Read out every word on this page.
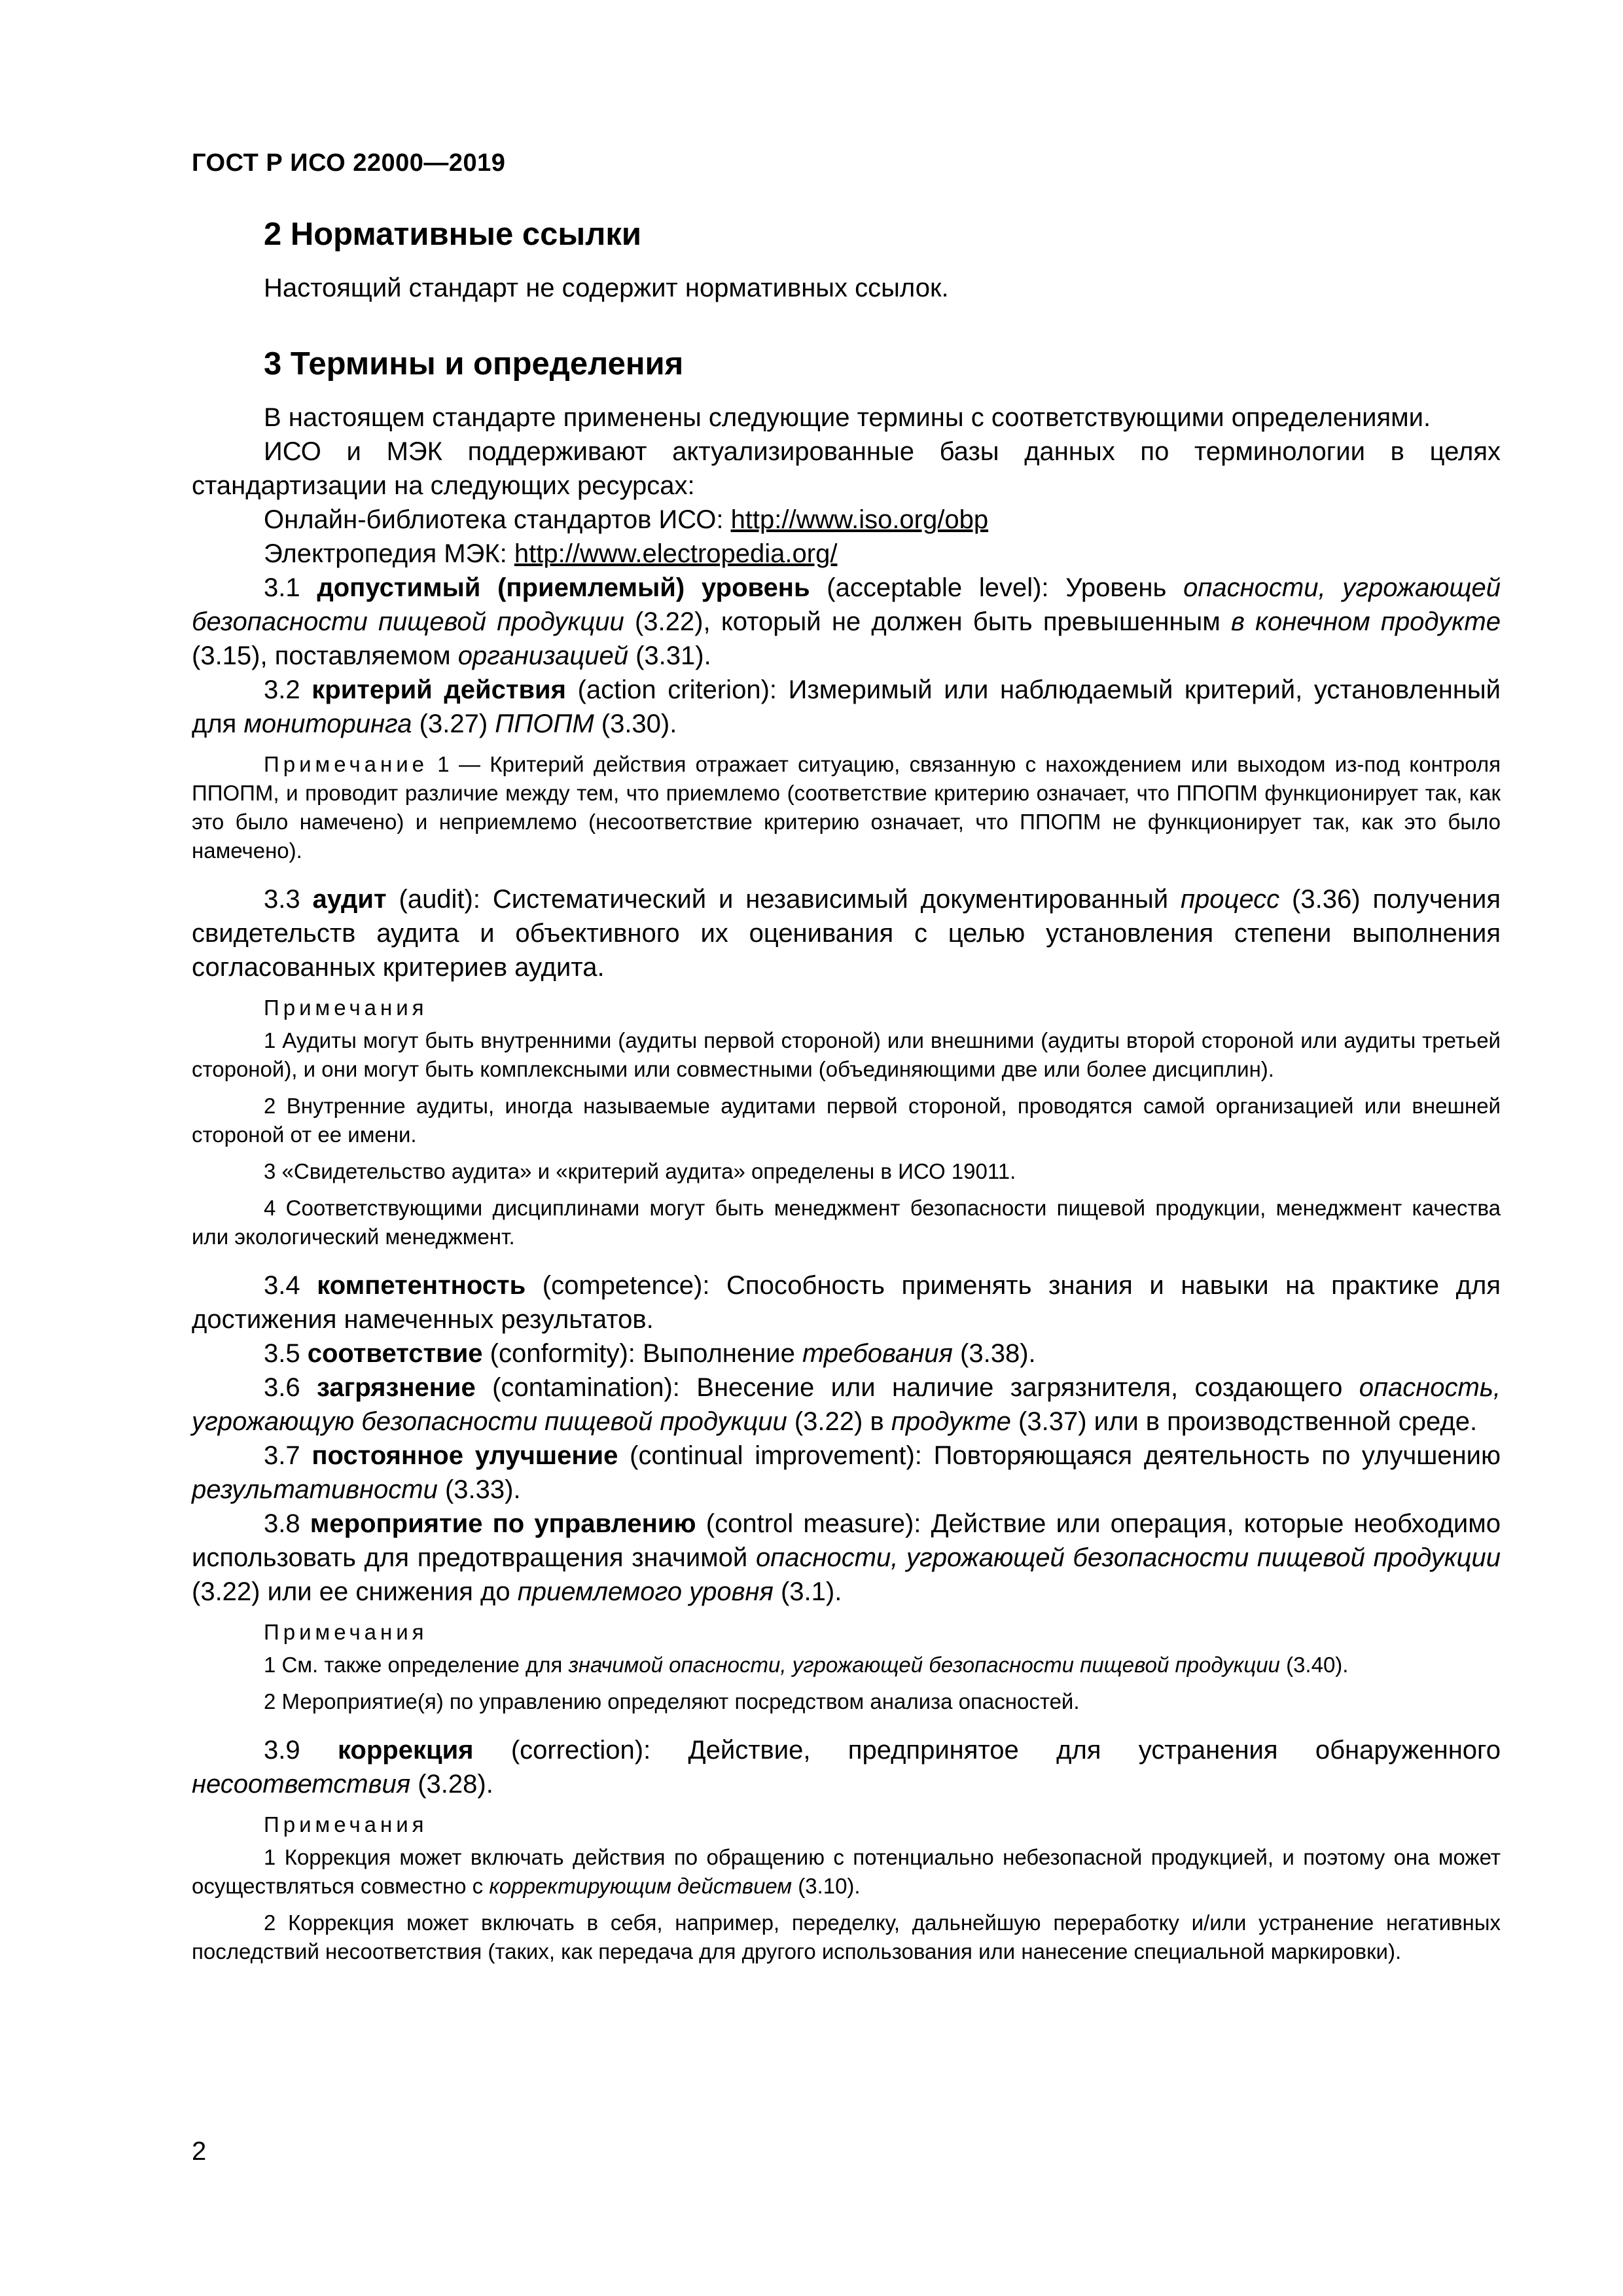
ГОСТ Р ИСО 22000—2019

2 Нормативные ссылки

Настоящий стандарт не содержит нормативных ссылок.

3 Термины и определения

В настоящем стандарте применены следующие термины с соответствующими определениями.

ИСО и МЭК поддерживают актуализированные базы данных по терминологии в целях стандартизации на следующих ресурсах:

Онлайн-библиотека стандартов ИСО: http://www.iso.org/obp

Электропедия МЭК: http://www.electropedia.org/

3.1 допустимый (приемлемый) уровень (acceptable level): Уровень опасности, угрожающей безопасности пищевой продукции (3.22), который не должен быть превышенным в конечном продукте (3.15), поставляемом организацией (3.31).

3.2 критерий действия (action criterion): Измеримый или наблюдаемый критерий, установленный для мониторинга (3.27) ППОПМ (3.30).

Примечание 1 — Критерий действия отражает ситуацию, связанную с нахождением или выходом из-под контроля ППОПМ, и проводит различие между тем, что приемлемо (соответствие критерию означает, что ППОПМ функционирует так, как это было намечено) и неприемлемо (несоответствие критерию означает, что ППОПМ не функционирует так, как это было намечено).

3.3 аудит (audit): Систематический и независимый документированный процесс (3.36) получения свидетельств аудита и объективного их оценивания с целью установления степени выполнения согласованных критериев аудита.

Примечания

1 Аудиты могут быть внутренними (аудиты первой стороной) или внешними (аудиты второй стороной или аудиты третьей стороной), и они могут быть комплексными или совместными (объединяющими две или более дисциплин).

2 Внутренние аудиты, иногда называемые аудитами первой стороной, проводятся самой организацией или внешней стороной от ее имени.

3 «Свидетельство аудита» и «критерий аудита» определены в ИСО 19011.

4 Соответствующими дисциплинами могут быть менеджмент безопасности пищевой продукции, менеджмент качества или экологический менеджмент.

3.4 компетентность (competence): Способность применять знания и навыки на практике для достижения намеченных результатов.

3.5 соответствие (conformity): Выполнение требования (3.38).

3.6 загрязнение (contamination): Внесение или наличие загрязнителя, создающего опасность, угрожающую безопасности пищевой продукции (3.22) в продукте (3.37) или в производственной среде.

3.7 постоянное улучшение (continual improvement): Повторяющаяся деятельность по улучшению результативности (3.33).

3.8 мероприятие по управлению (control measure): Действие или операция, которые необходимо использовать для предотвращения значимой опасности, угрожающей безопасности пищевой продукции (3.22) или ее снижения до приемлемого уровня (3.1).

Примечания

1 См. также определение для значимой опасности, угрожающей безопасности пищевой продукции (3.40).

2 Мероприятие(я) по управлению определяют посредством анализа опасностей.

3.9 коррекция (correction): Действие, предпринятое для устранения обнаруженного несоответствия (3.28).

Примечания

1 Коррекция может включать действия по обращению с потенциально небезопасной продукцией, и поэтому она может осуществляться совместно с корректирующим действием (3.10).

2 Коррекция может включать в себя, например, переделку, дальнейшую переработку и/или устранение негативных последствий несоответствия (таких, как передача для другого использования или нанесение специальной маркировки).

2
